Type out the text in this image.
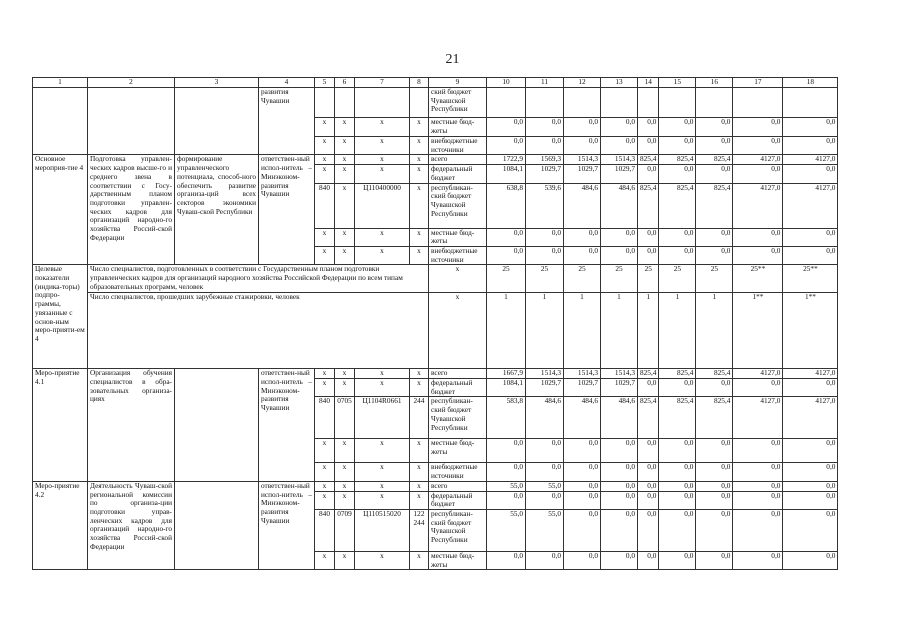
21
1	2	3	4	5	6	7	8	9	10	11	12	13	14	15	16	17	18
			развития Чувашии					ский бюджет Чувашской Республики									
				x	x	x	x	местные бюд-жеты	0,0	0,0	0,0	0,0	0,0	0,0	0,0	0,0	0,0
				x	x	x	x	внебюджетные источники	0,0	0,0	0,0	0,0	0,0	0,0	0,0	0,0	0,0
Основное мероприя-тие 4	Подготовка управлен-ческих кадров высше-го и среднего звена в соответствии с Госу-дарственным планом подготовки управлен-ческих кадров для организаций народно-го хозяйства Россий-ской Федерации	формирование управленческого потенциала, способ-ного обеспечить развитие организа-ций всех секторов экономики Чуваш-ской Республики	ответствен-ный испол-нитель – Минэконом-развития Чувашии	x	x	x	x	всего	1722,9	1569,3	1514,3	1514,3	825,4	825,4	825,4	4127,0	4127,0
				x	x	x	x	федеральный бюджет	1084,1	1029,7	1029,7	1029,7	0,0	0,0	0,0	0,0	0,0
				840	x	Ц110400000	x	республикан-ский бюджет Чувашской Республики	638,8	539,6	484,6	484,6	825,4	825,4	825,4	4127,0	4127,0
				x	x	x	x	местные бюд-жеты	0,0	0,0	0,0	0,0	0,0	0,0	0,0	0,0	0,0
				x	x	x	x	внебюджетные источники	0,0	0,0	0,0	0,0	0,0	0,0	0,0	0,0	0,0
Целевые показатели (индика-торы) подпро-граммы, увязанные с основ-ным меро-прияти-ем 4	Число специалистов, подготовленных в соответствии с Государственным планом подготовки управленческих кадров для организаций народного хозяйства Российской Федерации по всем типам образовательных программ, человек							x	25	25	25	25	25	25	25	25**	25**
	Число специалистов, прошедших зарубежные стажировки, человек							x	1	1	1	1	1	1	1	1**	1**
Меро-приятие 4.1	Организация обучения специалистов в обра-зовательных организа-циях		ответствен-ный испол-нитель – Минэконом-развития Чувашии	x	x	x	x	всего	1667,9	1514,3	1514,3	1514,3	825,4	825,4	825,4	4127,0	4127,0
				x	x	x	x	федеральный бюджет	1084,1	1029,7	1029,7	1029,7	0,0	0,0	0,0	0,0	0,0
				840	0705	Ц1104R0661	244	республикан-ский бюджет Чувашской Республики	583,8	484,6	484,6	484,6	825,4	825,4	825,4	4127,0	4127,0
				x	x	x	x	местные бюд-жеты	0,0	0,0	0,0	0,0	0,0	0,0	0,0	0,0	0,0
				x	x	x	x	внебюджетные источники	0,0	0,0	0,0	0,0	0,0	0,0	0,0	0,0	0,0
Меро-приятие 4.2	Деятельность Чуваш-ской региональной комиссии по организа-ции подготовки управ-ленческих кадров для организаций народно-го хозяйства Россий-ской Федерации		ответствен-ный испол-нитель – Минэконом-развития Чувашии	x	x	x	x	всего	55,0	55,0	0,0	0,0	0,0	0,0	0,0	0,0	0,0
				x	x	x	x	федеральный бюджет	0,0	0,0	0,0	0,0	0,0	0,0	0,0	0,0	0,0
				840	0709	Ц110515020	122 244	республикан-ский бюджет Чувашской Республики	55,0	55,0	0,0	0,0	0,0	0,0	0,0	0,0	0,0
				x	x	x	x	местные бюд-жеты	0,0	0,0	0,0	0,0	0,0	0,0	0,0	0,0	0,0
